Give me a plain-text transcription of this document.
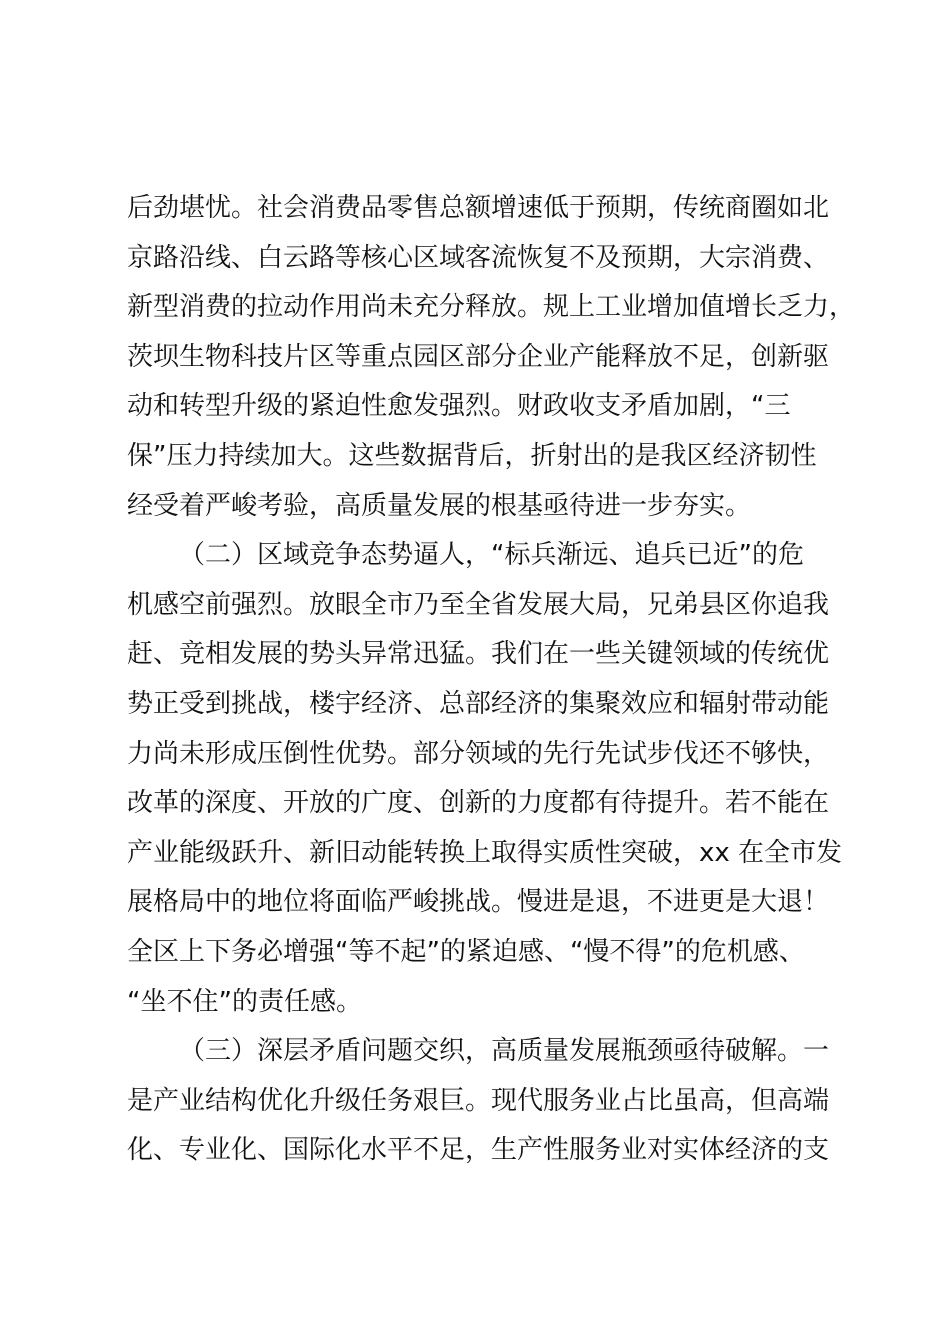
后劲堪忧。社会消费品零售总额增速低于预期，传统商圈如北
京路沿线、白云路等核心区域客流恢复不及预期，大宗消费、
新型消费的拉动作用尚未充分释放。规上工业增加值增长乏力，
茨坝生物科技片区等重点园区部分企业产能释放不足，创新驱
动和转型升级的紧迫性愈发强烈。财政收支矛盾加剧，“三
保”压力持续加大。这些数据背后，折射出的是我区经济韧性
经受着严峻考验，高质量发展的根基亟待进一步夯实。
（二）区域竞争态势逼人，“标兵渐远、追兵已近”的危
机感空前强烈。放眼全市乃至全省发展大局，兄弟县区你追我
赶、竞相发展的势头异常迅猛。我们在一些关键领域的传统优
势正受到挑战，楼宇经济、总部经济的集聚效应和辐射带动能
力尚未形成压倒性优势。部分领域的先行先试步伐还不够快，
改革的深度、开放的广度、创新的力度都有待提升。若不能在
产业能级跃升、新旧动能转换上取得实质性突破，xx 在全市发
展格局中的地位将面临严峻挑战。慢进是退，不进更是大退！
全区上下务必增强“等不起”的紧迫感、“慢不得”的危机感、
“坐不住”的责任感。
（三）深层矛盾问题交织，高质量发展瓶颈亟待破解。一
是产业结构优化升级任务艰巨。现代服务业占比虽高，但高端
化、专业化、国际化水平不足，生产性服务业对实体经济的支
